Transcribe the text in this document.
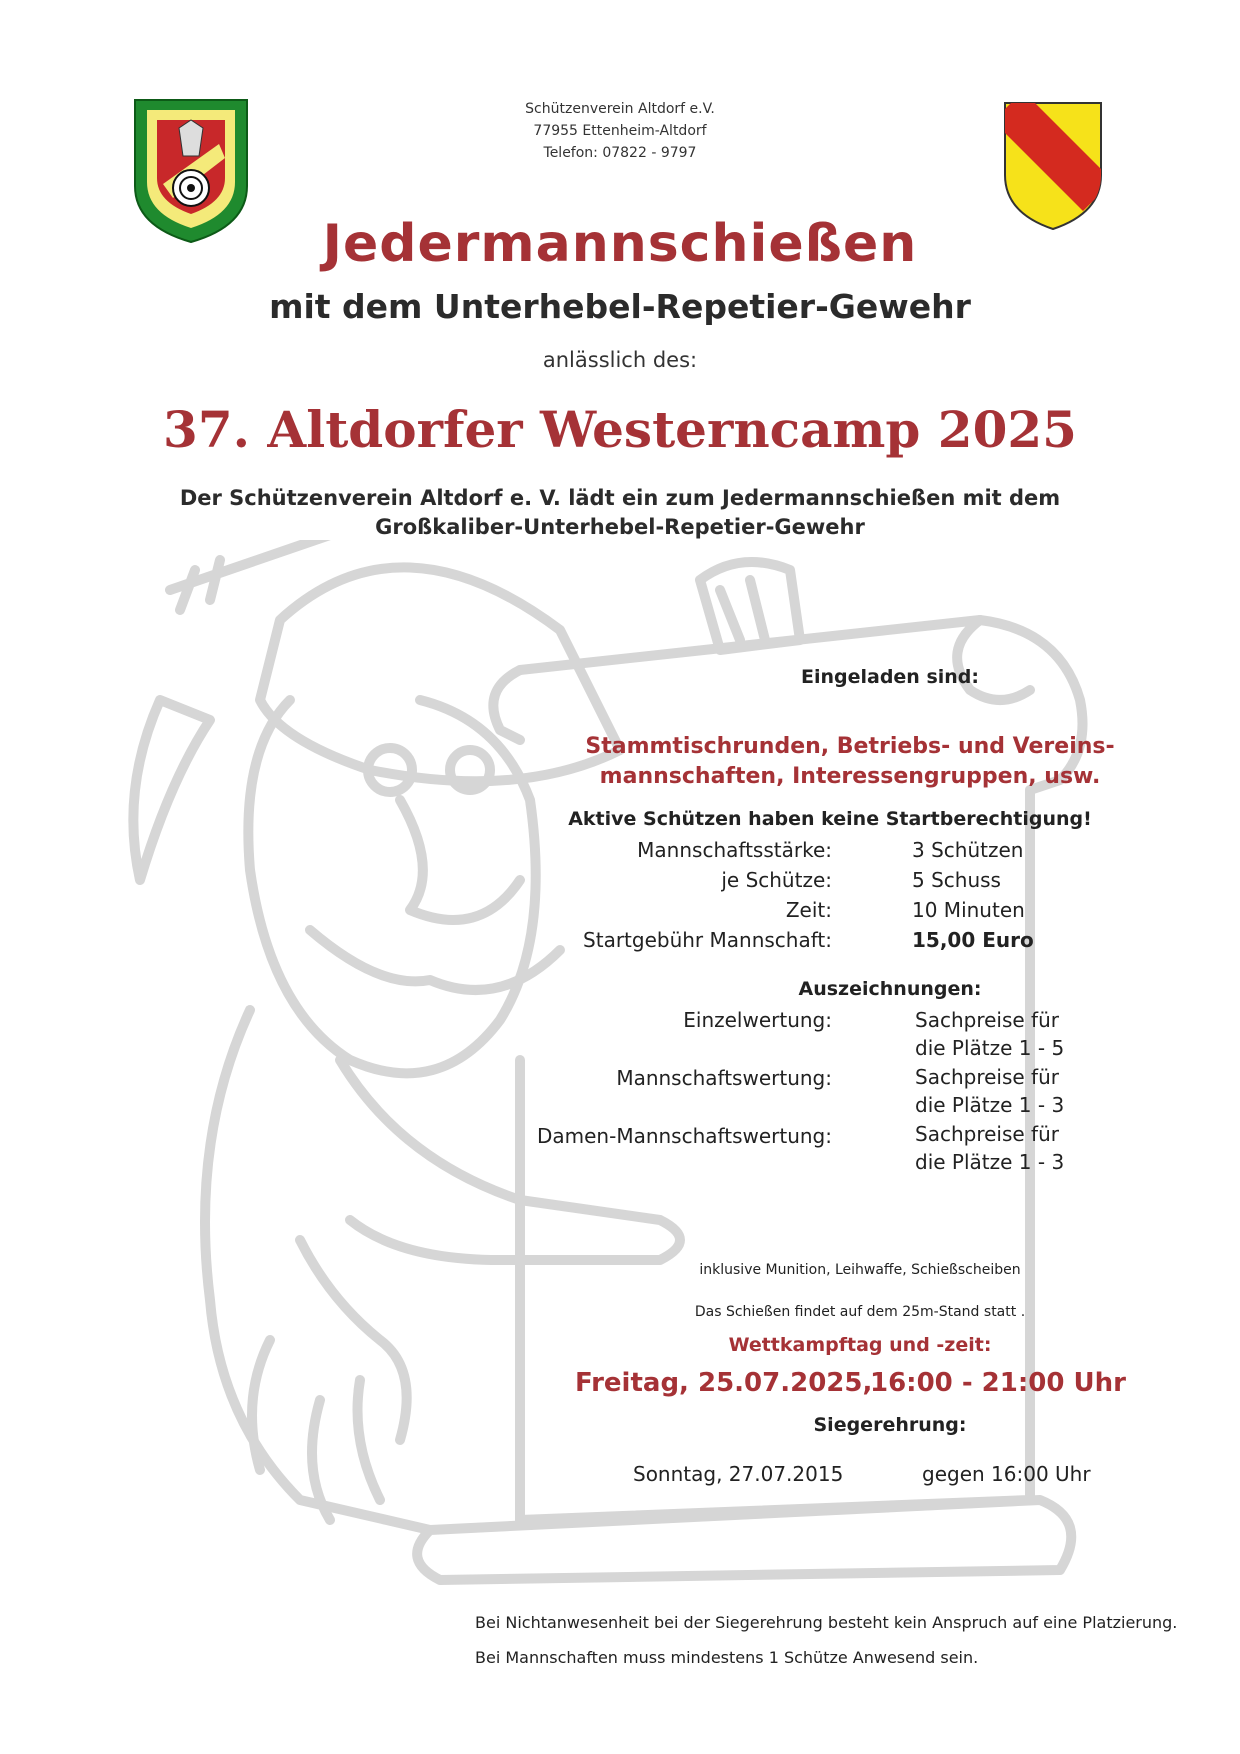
Schützenverein Altdorf e.V.
77955 Ettenheim-Altdorf
Telefon: 07822 - 9797
Jedermannschießen
mit dem Unterhebel-Repetier-Gewehr
anlässlich des:
37. Altdorfer Westerncamp 2025
Der Schützenverein Altdorf e. V. lädt ein zum Jedermannschießen mit dem
Großkaliber-Unterhebel-Repetier-Gewehr
Eingeladen sind:
Stammtischrunden, Betriebs- und Vereins-
mannschaften, Interessengruppen, usw.
Aktive Schützen haben keine Startberechtigung!
Mannschaftsstärke:	3 Schützen
je Schütze:	5 Schuss
Zeit:	10 Minuten
Startgebühr Mannschaft:	15,00 Euro
Auszeichnungen:
Einzelwertung:	Sachpreise für
die Plätze 1 - 5
Mannschaftswertung:	Sachpreise für
die Plätze 1 - 3
Damen-Mannschaftswertung:	Sachpreise für
die Plätze 1 - 3
inklusive Munition, Leihwaffe, Schießscheiben
Das Schießen findet auf dem 25m-Stand statt .
Wettkampftag und -zeit:
Freitag, 25.07.2025,
16:00 - 21:00 Uhr
Siegerehrung:
Sonntag, 27.07.2015	gegen 16:00 Uhr
Bei Nichtanwesenheit bei der Siegerehrung besteht kein Anspruch auf eine Platzierung.
Bei Mannschaften muss mindestens 1 Schütze Anwesend sein.
